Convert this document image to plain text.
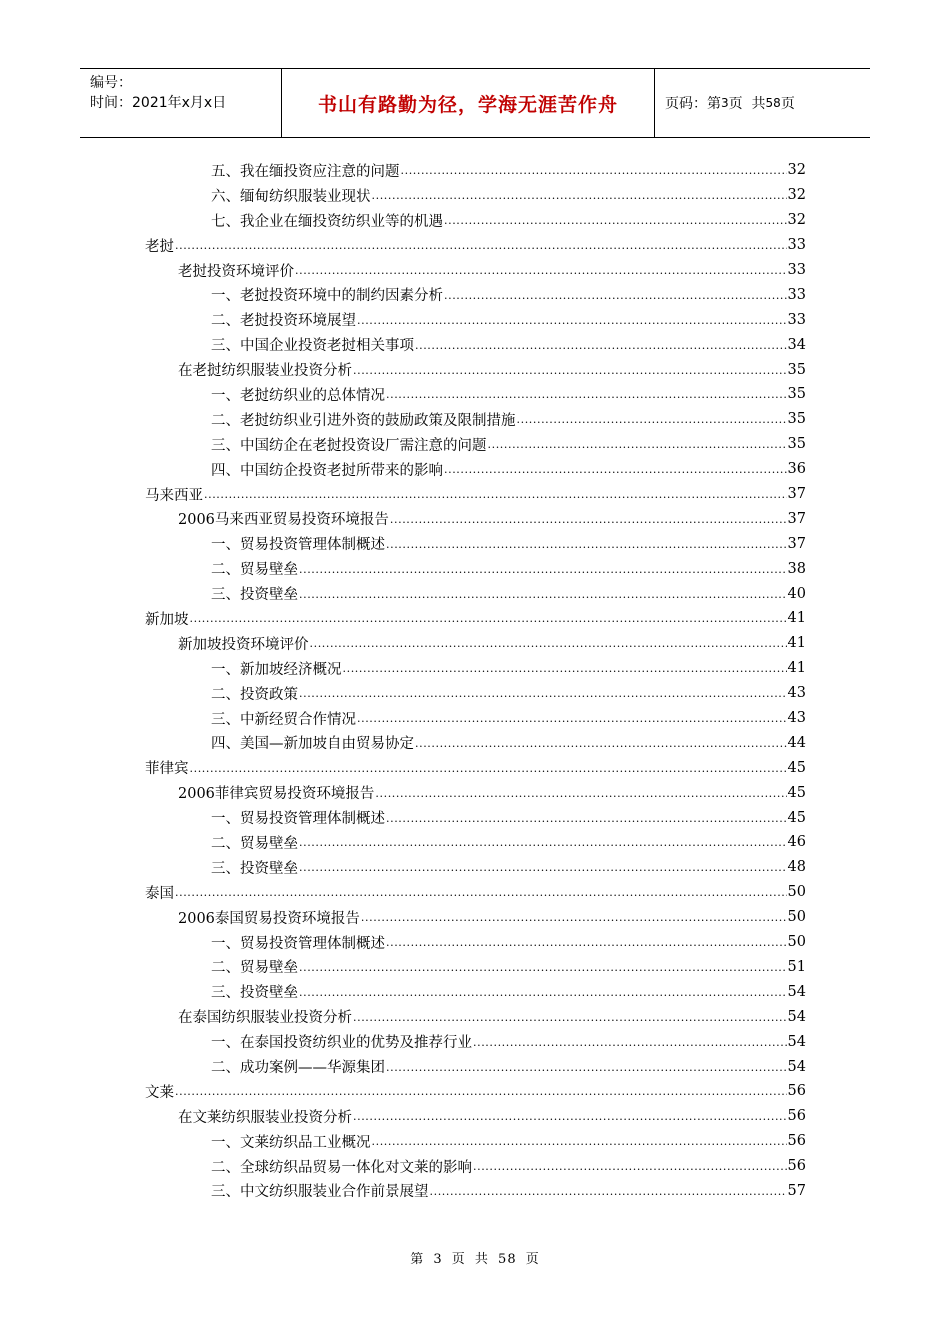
编号：
时间：2021年x月x日	书山有路勤为径，学海无涯苦作舟	页码：第 3 页  共 58 页
五、我在缅投资应注意的问题 .....	32
六、缅甸纺织服装业现状 .....	32
七、我企业在缅投资纺织业等的机遇 .....	32
老挝 .....	33
老挝投资环境评价 .....	33
一、老挝投资环境中的制约因素分析 .....	33
二、老挝投资环境展望 .....	33
三、中国企业投资老挝相关事项 .....	34
在老挝纺织服装业投资分析 .....	35
一、老挝纺织业的总体情况 .....	35
二、老挝纺织业引进外资的鼓励政策及限制措施 .....	35
三、中国纺企在老挝投资设厂需注意的问题 .....	35
四、中国纺企投资老挝所带来的影响 .....	36
马来西亚 .....	37
2006马来西亚贸易投资环境报告 .....	37
一、贸易投资管理体制概述 .....	37
二、贸易壁垒 .....	38
三、投资壁垒 .....	40
新加坡 .....	41
新加坡投资环境评价 .....	41
一、新加坡经济概况 .....	41
二、投资政策 .....	43
三、中新经贸合作情况 .....	43
四、美国—新加坡自由贸易协定 .....	44
菲律宾 .....	45
2006菲律宾贸易投资环境报告 .....	45
一、贸易投资管理体制概述 .....	45
二、贸易壁垒 .....	46
三、投资壁垒 .....	48
泰国 .....	50
2006泰国贸易投资环境报告 .....	50
一、贸易投资管理体制概述 .....	50
二、贸易壁垒 .....	51
三、投资壁垒 .....	54
在泰国纺织服装业投资分析 .....	54
一、在泰国投资纺织业的优势及推荐行业 .....	54
二、成功案例——华源集团 .....	54
文莱 .....	56
在文莱纺织服装业投资分析 .....	56
一、文莱纺织品工业概况 .....	56
二、全球纺织品贸易一体化对文莱的影响 .....	56
三、中文纺织服装业合作前景展望 .....	57
第 3 页 共 58 页
